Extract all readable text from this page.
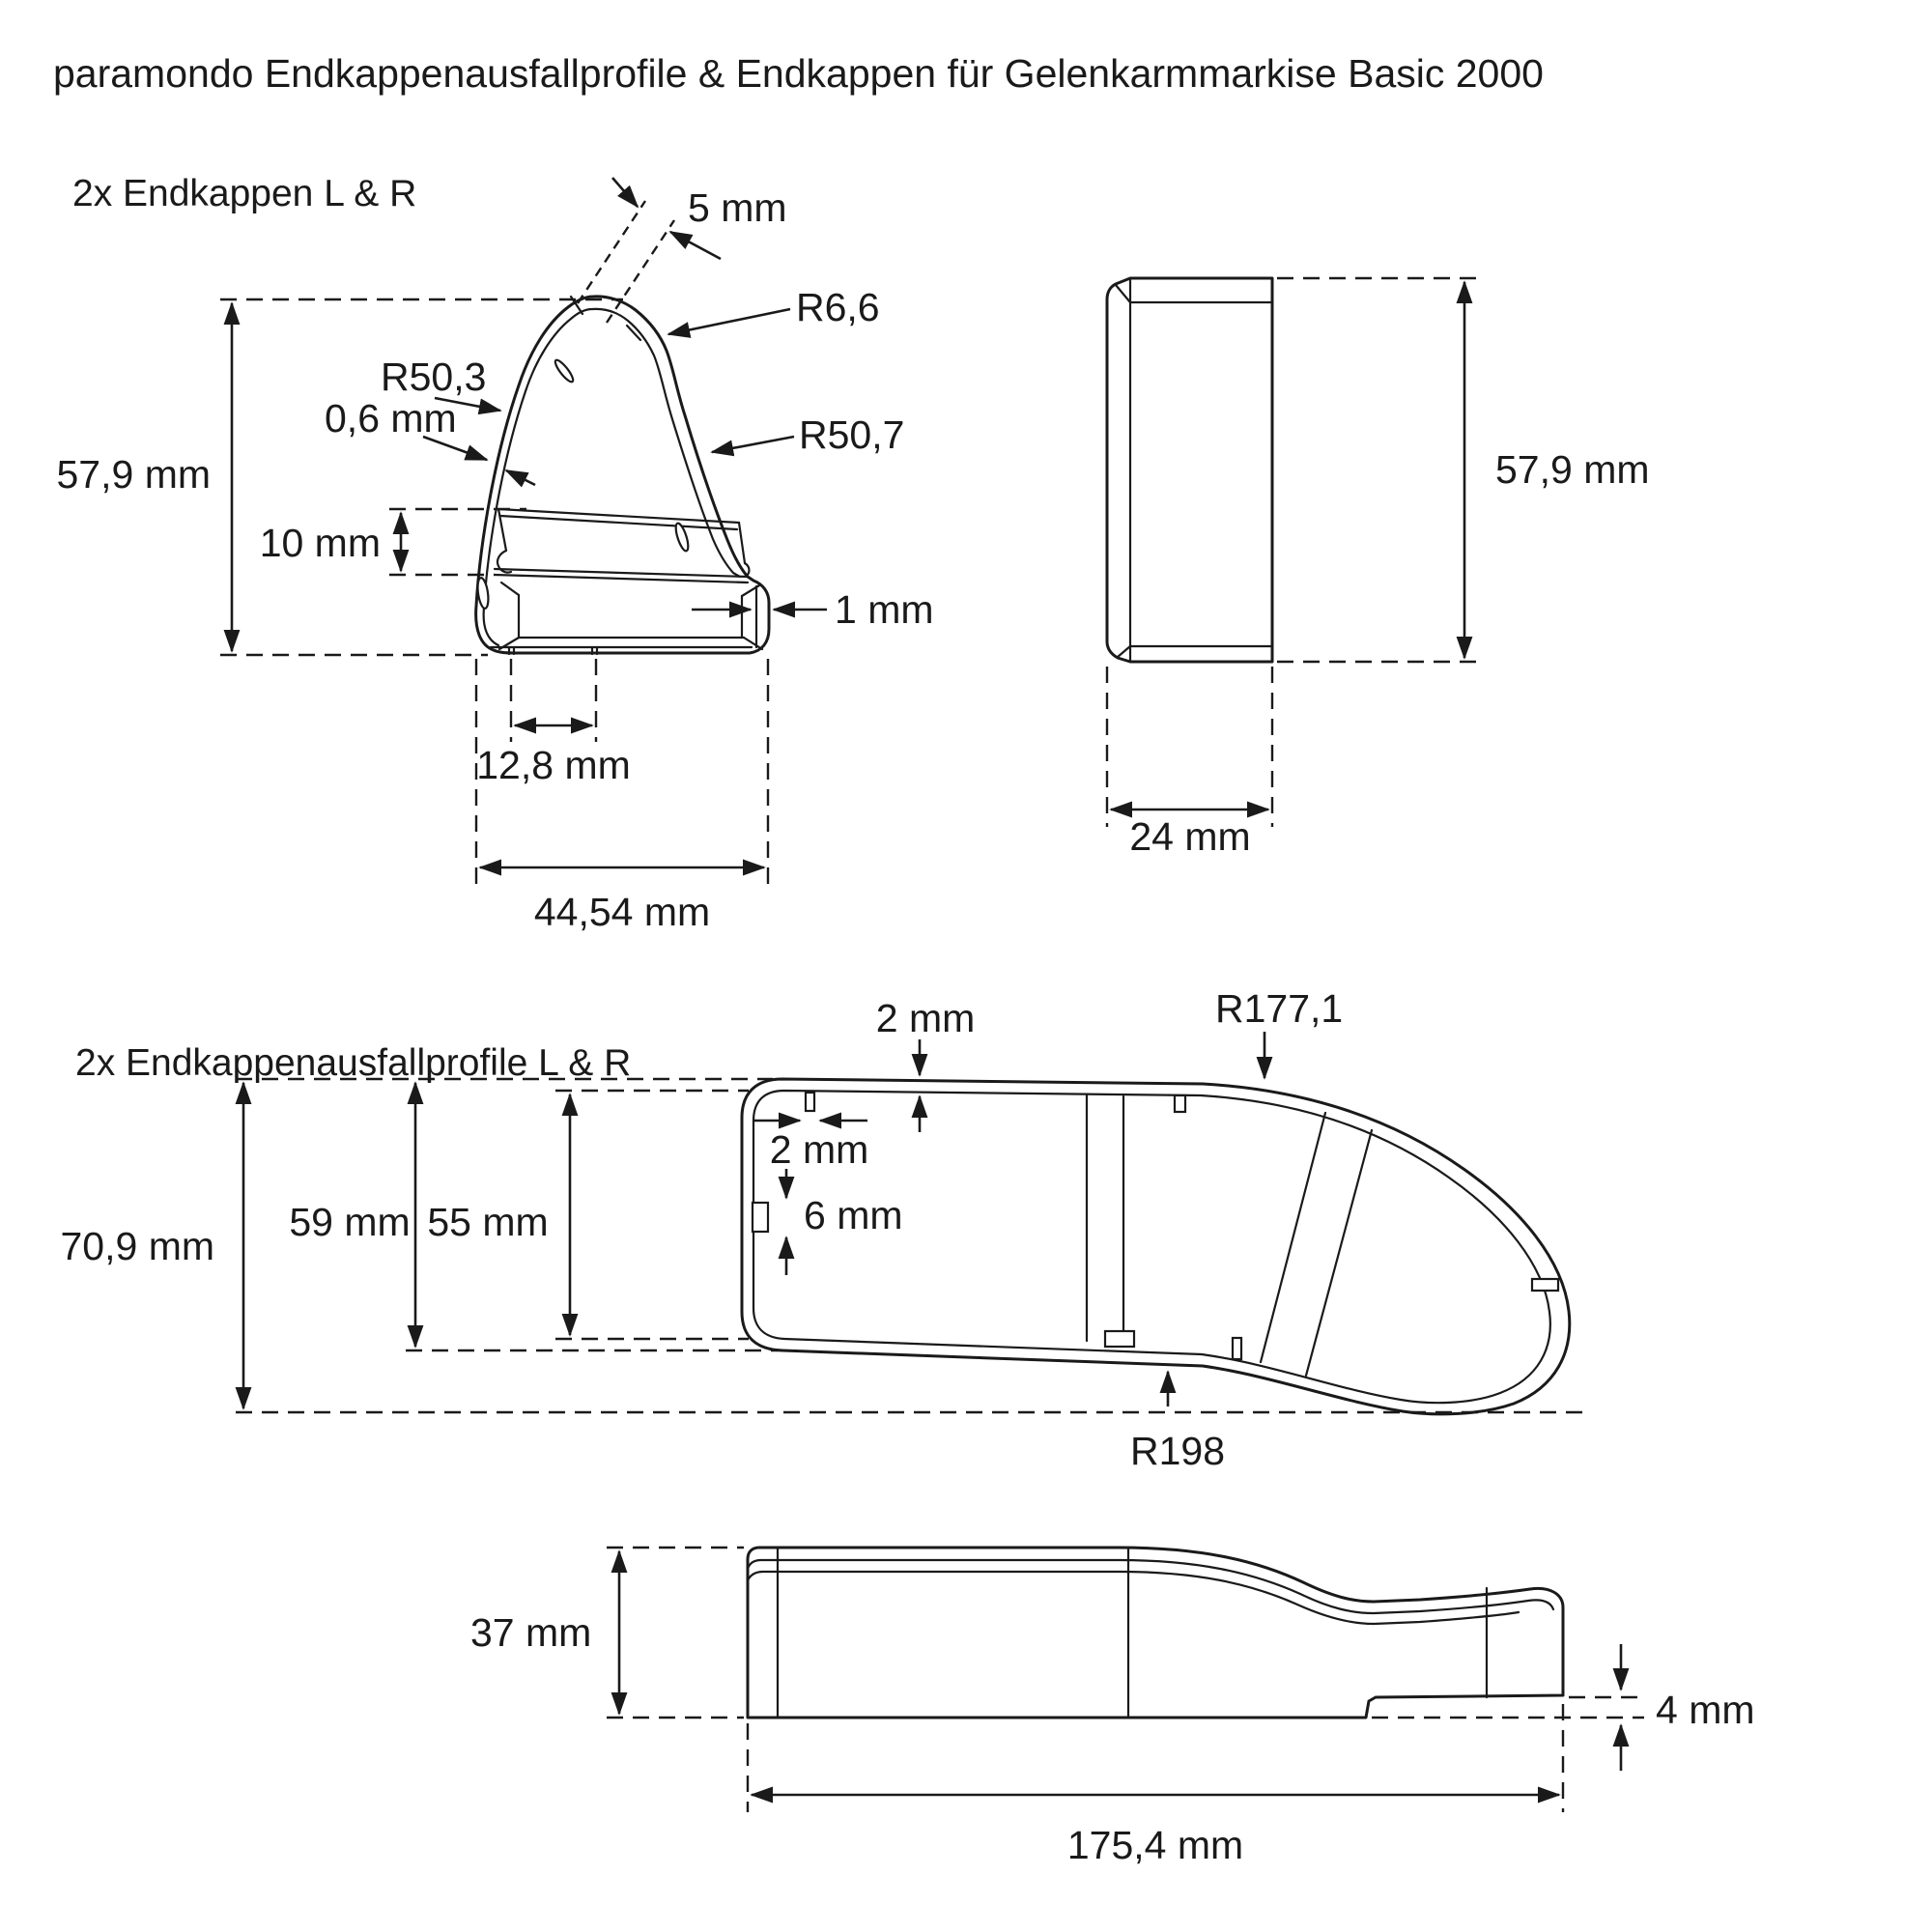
paramondo Endkappenausfallprofile & Endkappen für Gelenkarmmarkise Basic 2000
2x Endkappen L & R
57,9 mm
5 mm
R6,6
R50,3
0,6 mm	R50,7
10 mm
1 mm
12,8 mm
44,54 mm
57,9 mm
24 mm
2x Endkappenausfallprofile L & R
R177,1
R198
70,9 mm
59 mm 55 mm
2 mm
2 mm
6 mm
37 mm
175,4 mm
4 mm
